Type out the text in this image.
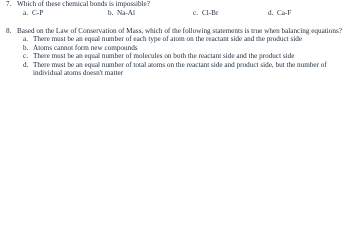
7. Which of these chemical bonds is impossible?
a. C-P	b. Na-Al	c. Cl-Br	d. Ca-F
8. Based on the Law of Conservation of Mass, which of the following statements is true when balancing equations?
a. There must be an equal number of each type of atom on the reactant side and the product side
b. Atoms cannot form new compounds
c. There must be an equal number of molecules on both the reactant side and the product side
d. There must be an equal number of total atoms on the reactant side and product side, but the number of individual atoms doesn't matter
